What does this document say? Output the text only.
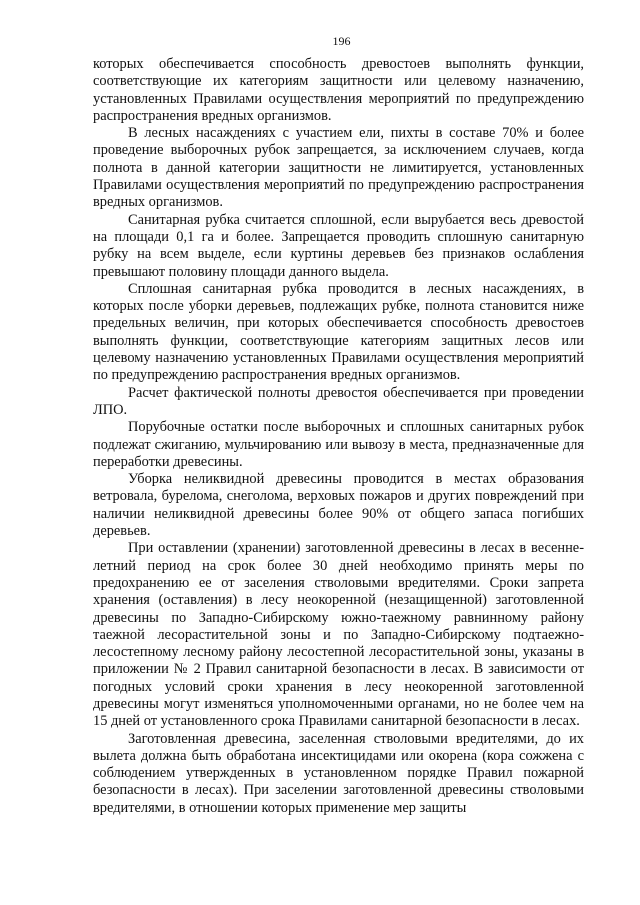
196

которых обеспечивается способность древостоев выполнять функции, соответствующие их категориям защитности или целевому назначению, установленных Правилами осуществления мероприятий по предупреждению распространения вредных организмов.

В лесных насаждениях с участием ели, пихты в составе 70% и более проведение выборочных рубок запрещается, за исключением случаев, когда полнота в данной категории защитности не лимитируется, установленных Правилами осуществления мероприятий по предупреждению распространения вредных организмов.

Санитарная рубка считается сплошной, если вырубается весь древостой на площади 0,1 га и более. Запрещается проводить сплошную санитарную рубку на всем выделе, если куртины деревьев без признаков ослабления превышают половину площади данного выдела.

Сплошная санитарная рубка проводится в лесных насаждениях, в которых после уборки деревьев, подлежащих рубке, полнота становится ниже предельных величин, при которых обеспечивается способность древостоев выполнять функции, соответствующие категориям защитных лесов или целевому назначению установленных Правилами осуществления мероприятий по предупреждению распространения вредных организмов.

Расчет фактической полноты древостоя обеспечивается при проведении ЛПО.

Порубочные остатки после выборочных и сплошных санитарных рубок подлежат сжиганию, мульчированию или вывозу в места, предназначенные для переработки древесины.

Уборка неликвидной древесины проводится в местах образования ветровала, бурелома, снеголома, верховых пожаров и других повреждений при наличии неликвидной древесины более 90% от общего запаса погибших деревьев.

При оставлении (хранении) заготовленной древесины в лесах в весенне-летний период на срок более 30 дней необходимо принять меры по предохранению ее от заселения стволовыми вредителями. Сроки запрета хранения (оставления) в лесу неокоренной (незащищенной) заготовленной древесины по Западно-Сибирскому южно-таежному равнинному району таежной лесорастительной зоны и по Западно-Сибирскому подтаежно-лесостепному лесному району лесостепной лесорастительной зоны, указаны в приложении № 2 Правил санитарной безопасности в лесах. В зависимости от погодных условий сроки хранения в лесу неокоренной заготовленной древесины могут изменяться уполномоченными органами, но не более чем на 15 дней от установленного срока Правилами санитарной безопасности в лесах.

Заготовленная древесина, заселенная стволовыми вредителями, до их вылета должна быть обработана инсектицидами или окорена (кора сожжена с соблюдением утвержденных в установленном порядке Правил пожарной безопасности в лесах). При заселении заготовленной древесины стволовыми вредителями, в отношении которых применение мер защиты
